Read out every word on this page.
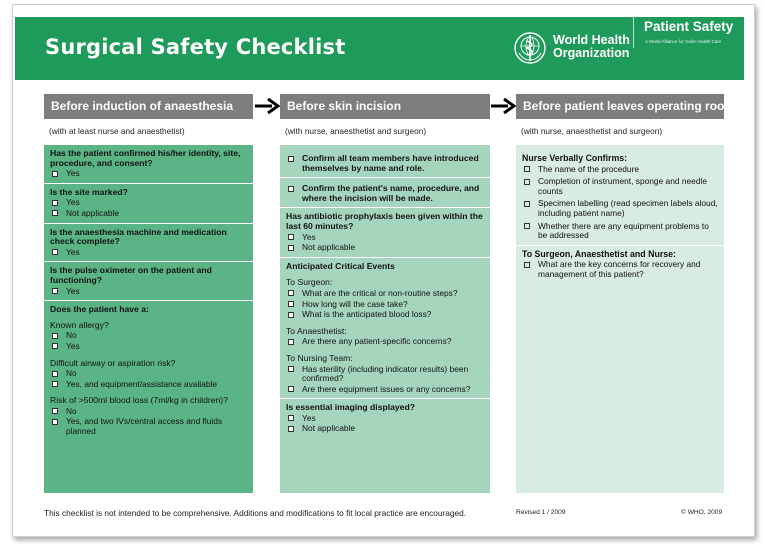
Surgical Safety Checklist	World Health
Organization
Patient Safety
A World Alliance for Safer Health Care
Before induction of anaesthesia	Before skin incision	Before patient leaves operating room
(with at least nurse and anaesthetist)	(with nurse, anaesthetist and surgeon)	(with nurse, anaesthetist and surgeon)
Has the patient confirmed his/her identity, site, procedure, and consent?
Yes
Is the site marked?
Yes
Not applicable
Is the anaesthesia machine and medication check complete?
Yes
Is the pulse oximeter on the patient and functioning?
Yes
Does the patient have a:
Known allergy?
No
Yes
Difficult airway or aspiration risk?
No
Yes, and equipment/assistance available
Risk of >500ml blood loss (7ml/kg in children)?
No
Yes, and two IVs/central access and fluids planned
Confirm all team members have introduced themselves by name and role.
Confirm the patient's name, procedure, and where the incision will be made.
Has antibiotic prophylaxis been given within the last 60 minutes?
Yes
Not applicable
Anticipated Critical Events
To Surgeon:
What are the critical or non-routine steps?
How long will the case take?
What is the anticipated blood loss?
To Anaesthetist:
Are there any patient-specific concerns?
To Nursing Team:
Has sterility (including indicator results) been confirmed?
Are there equipment issues or any concerns?
Is essential imaging displayed?
Yes
Not applicable
Nurse Verbally Confirms:
The name of the procedure
Completion of instrument, sponge and needle counts
Specimen labelling (read specimen labels aloud, including patient name)
Whether there are any equipment problems to be addressed
To Surgeon, Anaesthetist and Nurse:
What are the key concerns for recovery and management of this patient?
This checklist is not intended to be comprehensive. Additions and modifications to fit local practice are encouraged.	Revised 1 / 2009	© WHO, 2009
